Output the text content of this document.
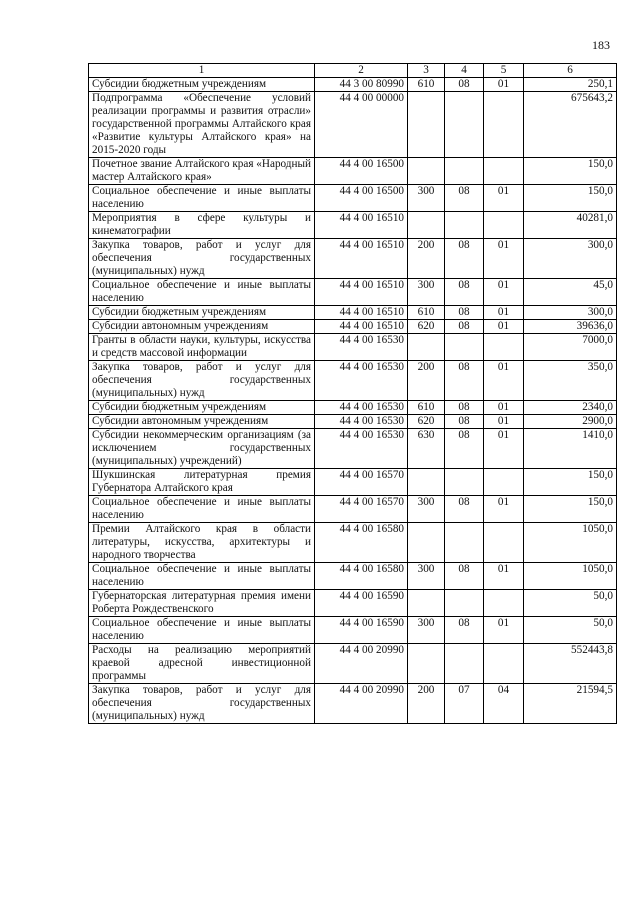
183
1	2	3	4	5	6
Субсидии бюджетным учреждениям	44 3 00 80990	610	08	01	250,1
Подпрограмма «Обеспечение условий реализации программы и развития отрасли» государственной программы Алтайского края «Развитие культуры Алтайского края» на 2015-2020 годы	44 4 00 00000				675643,2
Почетное звание Алтайского края «Народный мастер Алтайского края»	44 4 00 16500				150,0
Социальное обеспечение и иные выплаты населению	44 4 00 16500	300	08	01	150,0
Мероприятия в сфере культуры и кинематографии	44 4 00 16510				40281,0
Закупка товаров, работ и услуг для обеспечения государственных (муниципальных) нужд	44 4 00 16510	200	08	01	300,0
Социальное обеспечение и иные выплаты населению	44 4 00 16510	300	08	01	45,0
Субсидии бюджетным учреждениям	44 4 00 16510	610	08	01	300,0
Субсидии автономным учреждениям	44 4 00 16510	620	08	01	39636,0
Гранты в области науки, культуры, искусства и средств массовой информации	44 4 00 16530				7000,0
Закупка товаров, работ и услуг для обеспечения государственных (муниципальных) нужд	44 4 00 16530	200	08	01	350,0
Субсидии бюджетным учреждениям	44 4 00 16530	610	08	01	2340,0
Субсидии автономным учреждениям	44 4 00 16530	620	08	01	2900,0
Субсидии некоммерческим организациям (за исключением государственных (муниципальных) учреждений)	44 4 00 16530	630	08	01	1410,0
Шукшинская литературная премия Губернатора Алтайского края	44 4 00 16570				150,0
Социальное обеспечение и иные выплаты населению	44 4 00 16570	300	08	01	150,0
Премии Алтайского края в области литературы, искусства, архитектуры и народного творчества	44 4 00 16580				1050,0
Социальное обеспечение и иные выплаты населению	44 4 00 16580	300	08	01	1050,0
Губернаторская литературная премия имени Роберта Рождественского	44 4 00 16590				50,0
Социальное обеспечение и иные выплаты населению	44 4 00 16590	300	08	01	50,0
Расходы на реализацию мероприятий краевой адресной инвестиционной программы	44 4 00 20990				552443,8
Закупка товаров, работ и услуг для обеспечения государственных (муниципальных) нужд	44 4 00 20990	200	07	04	21594,5
